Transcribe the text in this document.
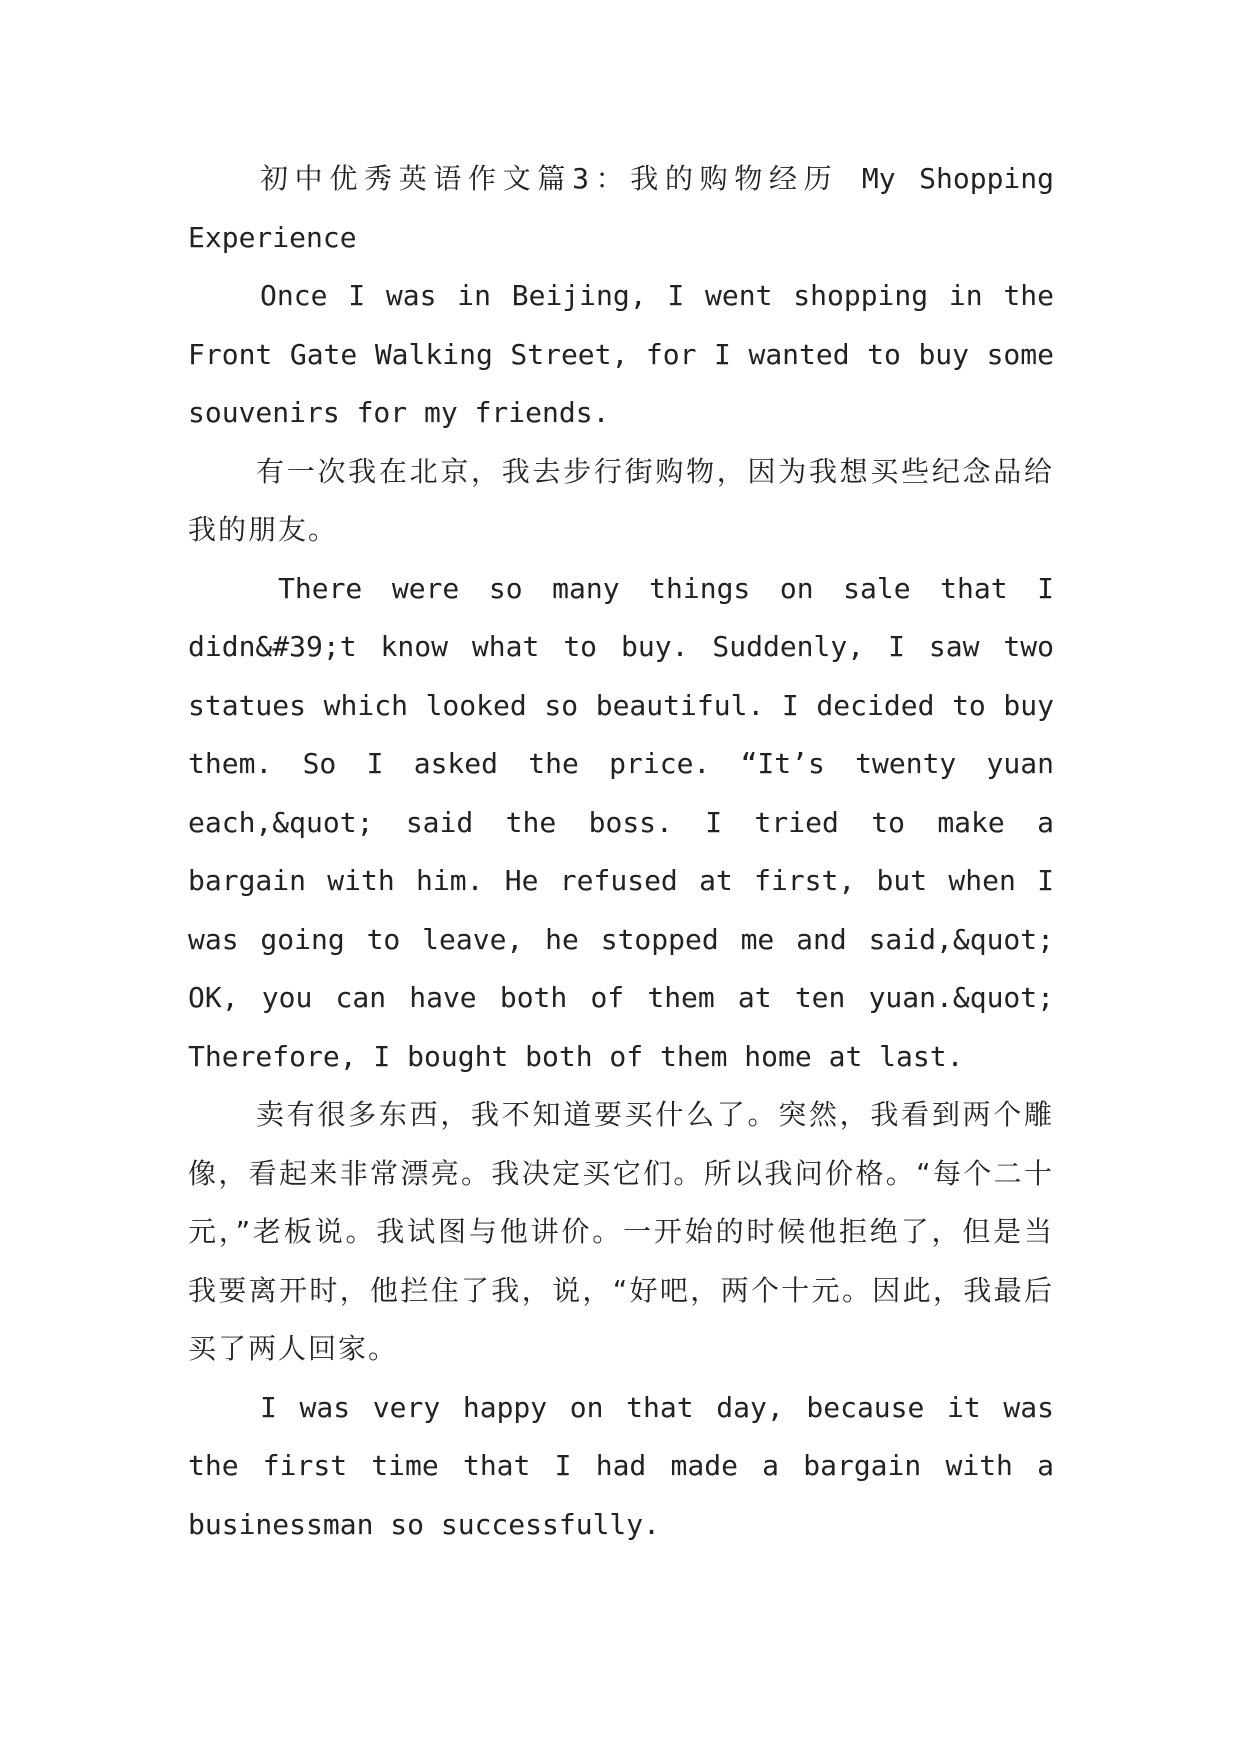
初中优秀英语作文篇3：我的购物经历 My Shopping Experience

Once I was in Beijing, I went shopping in the Front Gate Walking Street, for I wanted to buy some souvenirs for my friends.

有一次我在北京，我去步行街购物，因为我想买些纪念品给我的朋友。

There were so many things on sale that I didn&#39;t know what to buy. Suddenly, I saw two statues which looked so beautiful. I decided to buy them. So I asked the price. “It’s twenty yuan each,&quot; said the boss. I tried to make a bargain with him. He refused at first, but when I was going to leave, he stopped me and said,&quot; OK, you can have both of them at ten yuan.&quot; Therefore, I bought both of them home at last.

卖有很多东西，我不知道要买什么了。突然，我看到两个雕像，看起来非常漂亮。我决定买它们。所以我问价格。“每个二十元，”老板说。我试图与他讲价。一开始的时候他拒绝了，但是当我要离开时，他拦住了我，说，“好吧，两个十元。因此，我最后买了两人回家。

I was very happy on that day, because it was the first time that I had made a bargain with a businessman so successfully.
